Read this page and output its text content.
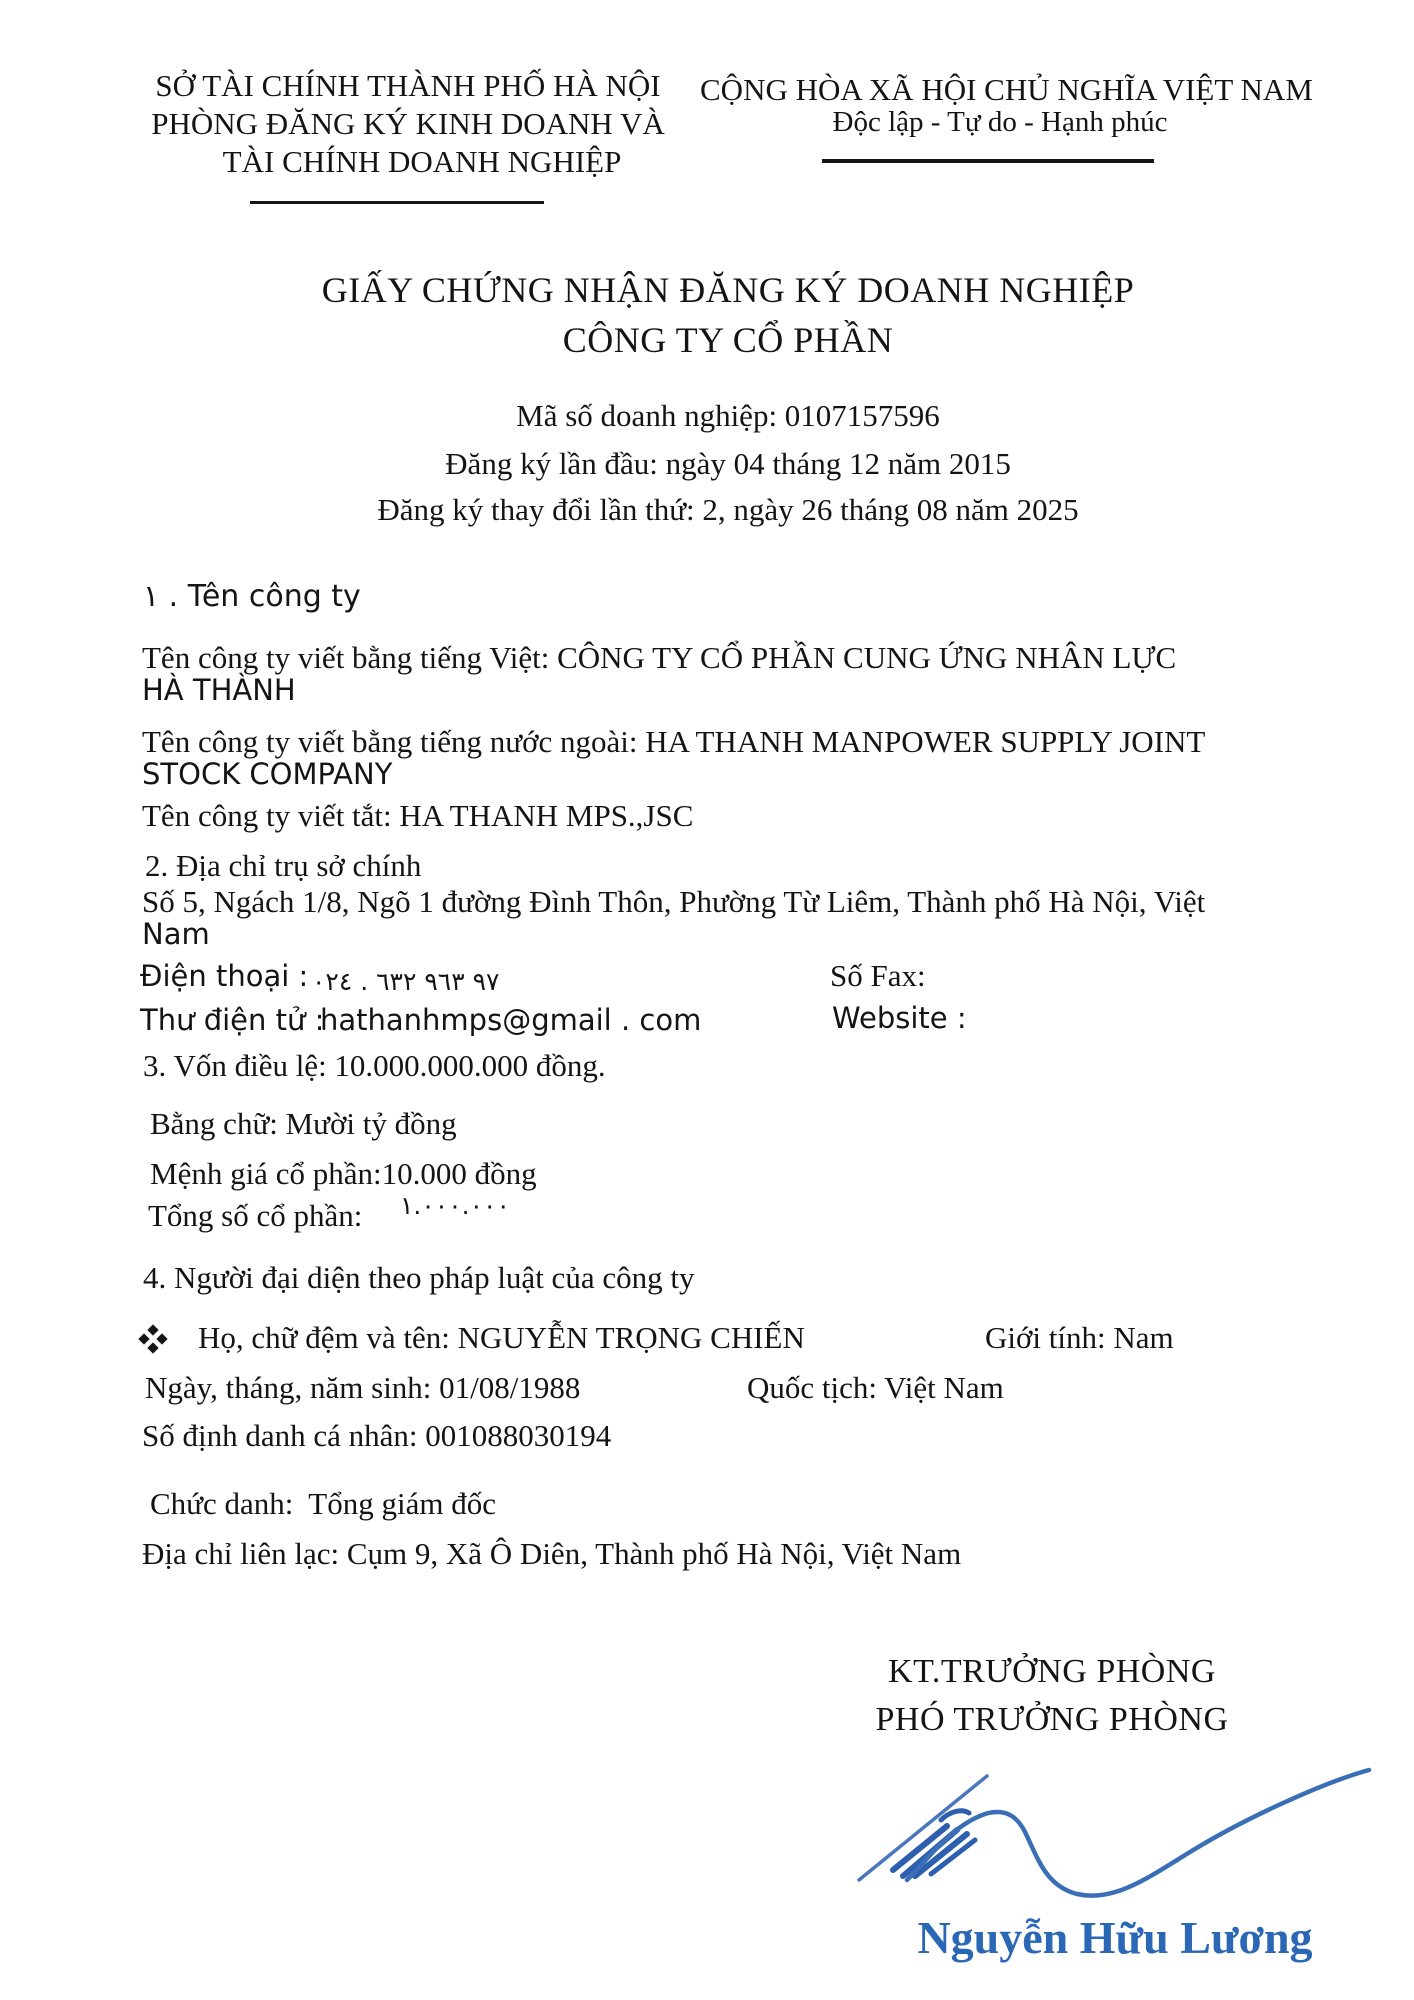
SỞ TÀI CHÍNH THÀNH PHỐ HÀ NỘI
PHÒNG ĐĂNG KÝ KINH DOANH VÀ
TÀI CHÍNH DOANH NGHIỆP
CỘNG HÒA XÃ HỘI CHỦ NGHĨA VIỆT NAM
Độc lập - Tự do - Hạnh phúc
GIẤY CHỨNG NHẬN ĐĂNG KÝ DOANH NGHIỆP
CÔNG TY CỔ PHẦN
Mã số doanh nghiệp: 0107157596
Đăng ký lần đầu: ngày 04 tháng 12 năm 2015
Đăng ký thay đổi lần thứ: 2, ngày 26 tháng 08 năm 2025
١ . Tên công ty
Tên công ty viết bằng tiếng Việt: CÔNG TY CỔ PHẦN CUNG ỨNG NHÂN LỰC
HÀ THÀNH
Tên công ty viết bằng tiếng nước ngoài: HA THANH MANPOWER SUPPLY JOINT
STOCK COMPANY
Tên công ty viết tắt: HA THANH MPS.,JSC
2. Địa chỉ trụ sở chính
Số 5, Ngách 1/8, Ngõ 1 đường Đình Thôn, Phường Từ Liêm, Thành phố Hà Nội, Việt
Nam
Điện thoại : ٠٢٤ . ٦٣٢ ٩٦٣ ٩٧	Số Fax:
Thư điện tử :
hathanhmps@gmail . com	Website :
3. Vốn điều lệ: 10.000.000.000 đồng.
Bằng chữ: Mười tỷ đồng
Mệnh giá cổ phần:10.000 đồng
Tổng số cổ phần: ١.٠٠٠.٠٠٠
4. Người đại diện theo pháp luật của công ty
Họ, chữ đệm và tên: NGUYỄN TRỌNG CHIẾN	Giới tính: Nam
Ngày, tháng, năm sinh: 01/08/1988	Quốc tịch: Việt Nam
Số định danh cá nhân: 001088030194
Chức danh:  Tổng giám đốc
Địa chỉ liên lạc: Cụm 9, Xã Ô Diên, Thành phố Hà Nội, Việt Nam
KT.TRƯỞNG PHÒNG
PHÓ TRƯỞNG PHÒNG
Nguyễn Hữu Lương
